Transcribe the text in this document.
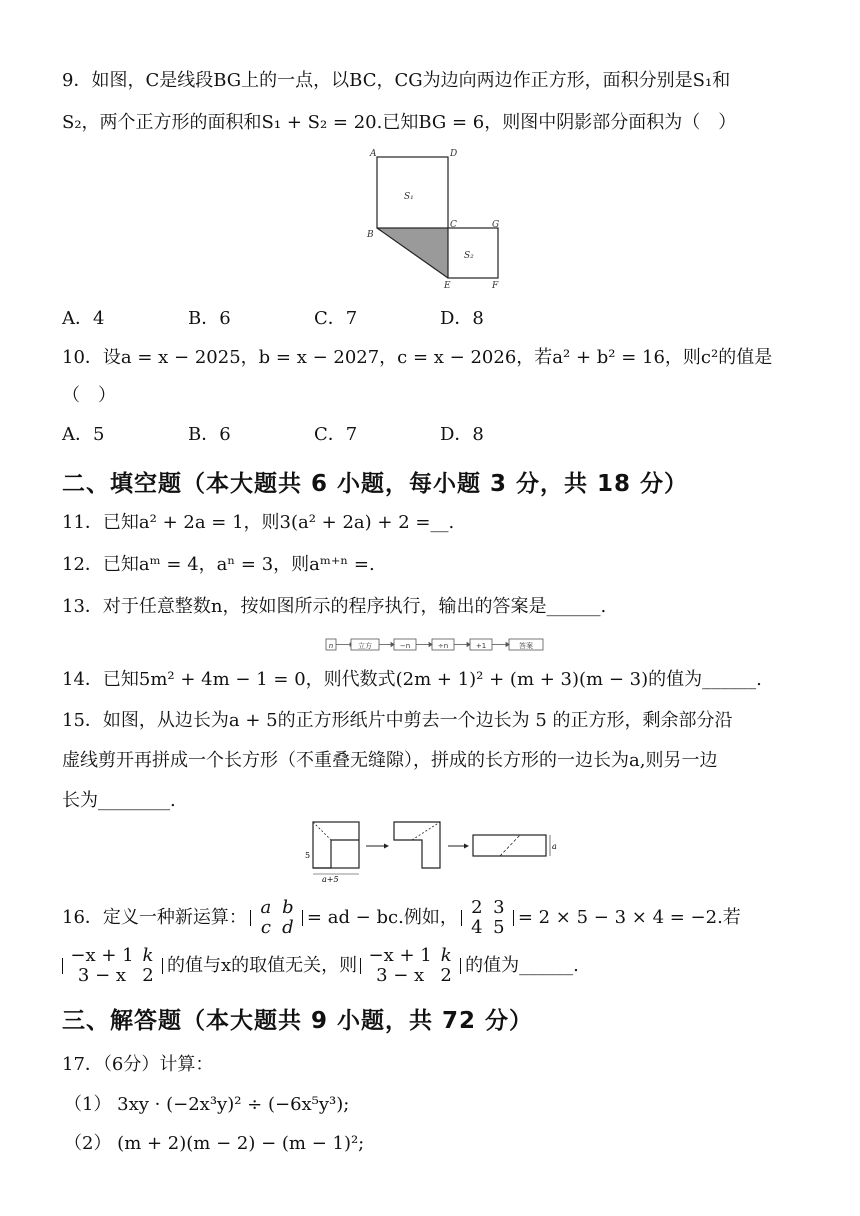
9．如图，C是线段BG上的一点，以BC，CG为边向两边作正方形，面积分别是S₁和
S₂，两个正方形的面积和S₁ + S₂ = 20.已知BG = 6，则图中阴影部分面积为（　）
A	D
B
C	G
E	F
S₁
S₂
A．4	B．6	C．7	D．8
10．设a = x − 2025，b = x − 2027，c = x − 2026，若a² + b² = 16，则c²的值是
（　）
A．5	B．6	C．7	D．8
二、填空题（本大题共 6 小题，每小题 3 分，共 18 分）
11．已知a² + 2a = 1，则3(a² + 2a) + 2 =__.
12．已知aᵐ = 4，aⁿ = 3，则aᵐ⁺ⁿ =.
13．对于任意整数n，按如图所示的程序执行，输出的答案是______.
n	立方	−n	÷n	+1	答案
14．已知5m² + 4m − 1 = 0，则代数式(2m + 1)² + (m + 3)(m − 3)的值为______.
15．如图，从边长为a + 5的正方形纸片中剪去一个边长为 5 的正方形，剩余部分沿
虚线剪开再拼成一个长方形（不重叠无缝隙），拼成的长方形的一边长为a,则另一边
长为________.
5
a+5
a
16．定义一种新运算： a b
c d = ad − bc.例如， 2 3
4 5 = 2 × 5 − 3 × 4 = −2.若
−x + 1 k
3 − x 2 的值与x的取值无关，则 −x + 1 k
3 − x 2 的值为______.
三、解答题（本大题共 9 小题，共 72 分）
17．（6分）计算：
（1） 3xy · (−2x³y)² ÷ (−6x⁵y³);
（2） (m + 2)(m − 2) − (m − 1)²;
